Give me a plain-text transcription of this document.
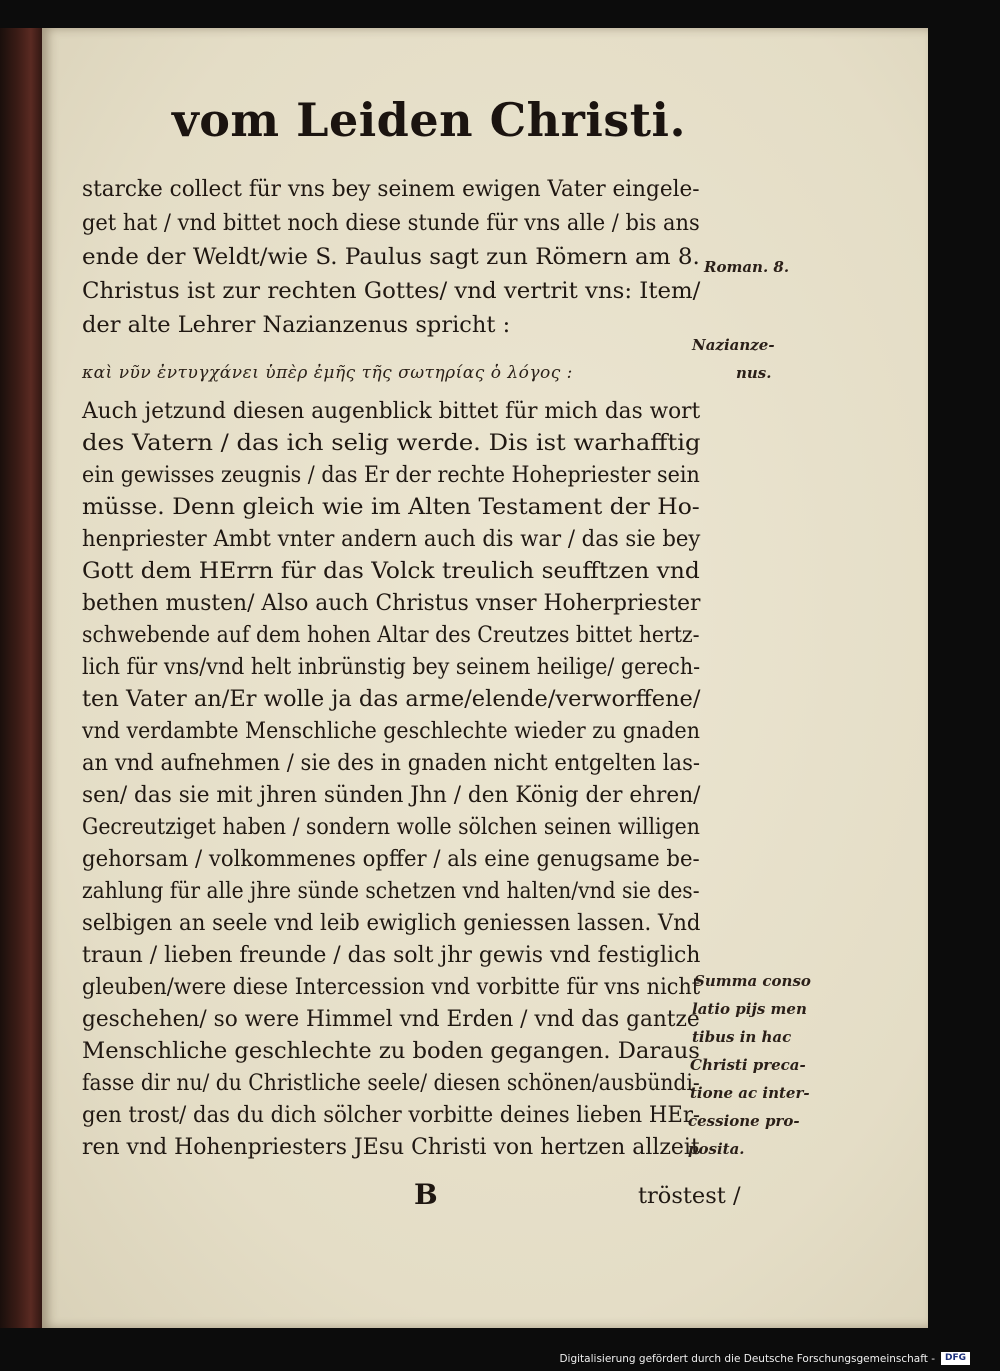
vom Leiden Christi.
starcke collect für vns bey seinem ewigen Vater eingele-
get hat / vnd bittet noch diese stunde für vns alle / bis ans
ende der Weldt/wie S. Paulus sagt zun Römern am 8.
Christus ist zur rechten Gottes/ vnd vertrit vns: Item/
der alte Lehrer Nazianzenus spricht :
Auch jetzund diesen augenblick bittet für mich das wort
des Vatern / das ich selig werde. Dis ist warhafftig
ein gewisses zeugnis / das Er der rechte Hohepriester sein
müsse. Denn gleich wie im Alten Testament der Ho-
henpriester Ambt vnter andern auch dis war / das sie bey
Gott dem HErrn für das Volck treulich seufftzen vnd
bethen musten/ Also auch Christus vnser Hoherpriester
schwebende auf dem hohen Altar des Creutzes bittet hertz-
lich für vns/vnd helt inbrünstig bey seinem heilige/ gerech-
ten Vater an/Er wolle ja das arme/elende/verworffene/
vnd verdambte Menschliche geschlechte wieder zu gnaden
an vnd aufnehmen / sie des in gnaden nicht entgelten las-
sen/ das sie mit jhren sünden Jhn / den König der ehren/
Gecreutziget haben / sondern wolle sölchen seinen willigen
gehorsam / volkommenes opffer / als eine genugsame be-
zahlung für alle jhre sünde schetzen vnd halten/vnd sie des-
selbigen an seele vnd leib ewiglich geniessen lassen. Vnd
traun / lieben freunde / das solt jhr gewis vnd festiglich
gleuben/were diese Intercession vnd vorbitte für vns nicht
geschehen/ so were Himmel vnd Erden / vnd das gantze
Menschliche geschlechte zu boden gegangen. Daraus
fasse dir nu/ du Christliche seele/ diesen schönen/ausbündi-
gen trost/ das du dich sölcher vorbitte deines lieben HEr-
ren vnd Hohenpriesters JEsu Christi von hertzen allzeit
καὶ νῦν ἐντυγχάνει ὑπὲρ ἐμῆς τῆς σωτηρίας ὁ λόγος :
B	tröstest /
Roman. 8.
Nazianze-
nus.
Summa conso
latio pijs men
tibus in hac
Christi preca-
tione ac inter-
cessione pro-
posita.
Digitalisierung gefördert durch die Deutsche Forschungsgemeinschaft -	DFG
